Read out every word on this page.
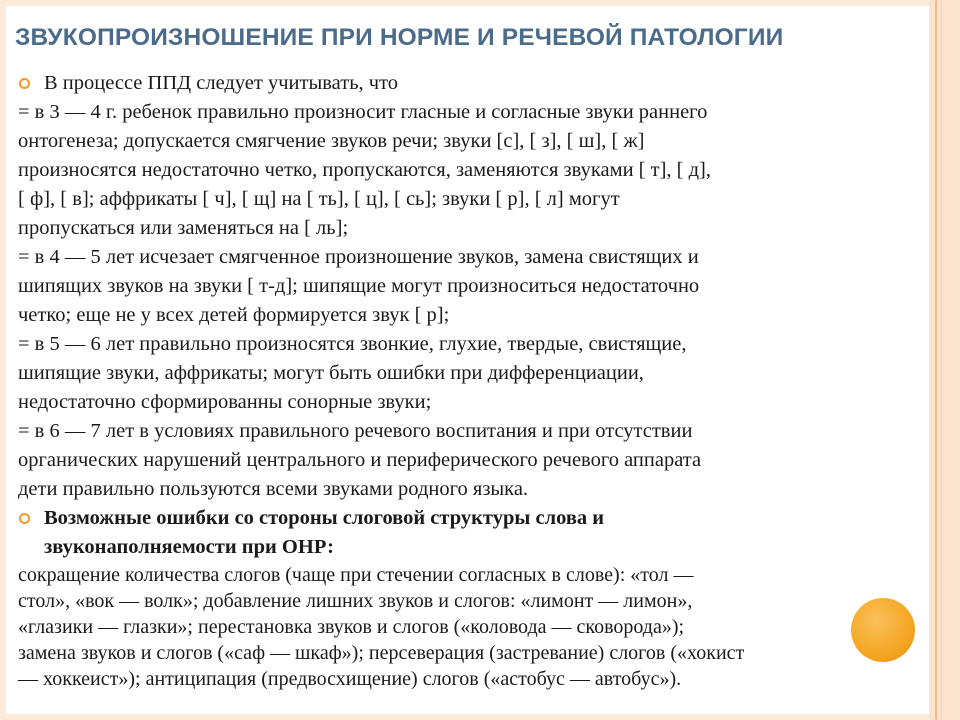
ЗВУКОПРОИЗНОШЕНИЕ ПРИ НОРМЕ И РЕЧЕВОЙ ПАТОЛОГИИ
В процессе ППД следует учитывать, что
= в 3 — 4 г. ребенок правильно произносит гласные и согласные звуки раннего
онтогенеза; допускается смягчение звуков речи; звуки [с], [ з], [ ш], [ ж]
произносятся недостаточно четко, пропускаются, заменяются звуками [ т], [ д],
[ ф], [ в]; аффрикаты [ ч], [ щ] на [ ть], [ ц], [ сь]; звуки [ р], [ л] могут
пропускаться или заменяться на [ ль];
= в 4 — 5 лет исчезает смягченное произношение звуков, замена свистящих и
шипящих звуков на звуки [ т-д]; шипящие могут произноситься недостаточно
четко; еще не у всех детей формируется звук [ р];
= в 5 — 6 лет правильно произносятся звонкие, глухие, твердые, свистящие,
шипящие звуки, аффрикаты; могут быть ошибки при дифференциации,
недостаточно сформированны сонорные звуки;
= в 6 — 7 лет в условиях правильного речевого воспитания и при отсутствии
органических нарушений центрального и периферического речевого аппарата
дети правильно пользуются всеми звуками родного языка.
Возможные ошибки со стороны слоговой структуры слова и
звуконаполняемости при ОНР:
сокращение количества слогов (чаще при стечении согласных в слове): «тол —
стол», «вок — волк»; добавление лишних звуков и слогов: «лимонт — лимон»,
«глазики — глазки»; перестановка звуков и слогов («коловода — сковорода»);
замена звуков и слогов («саф — шкаф»); персеверация (застревание) слогов («хокист
— хоккеист»); антиципация (предвосхищение) слогов («астобус — автобус»).
